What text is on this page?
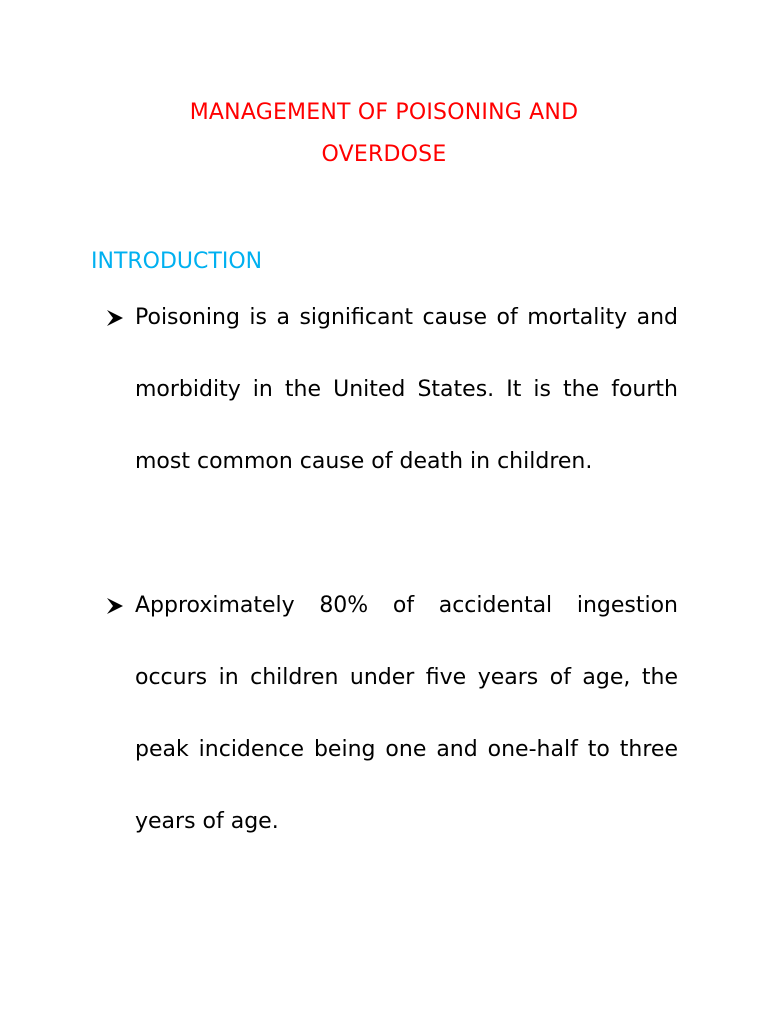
MANAGEMENT OF POISONING AND
OVERDOSE
INTRODUCTION
Poisoning is a significant cause of mortality and morbidity in the United States. It is the fourth most common cause of death in children.
Approximately 80% of accidental ingestion occurs in children under five years of age, the peak incidence being one and one-half to three years of age.
